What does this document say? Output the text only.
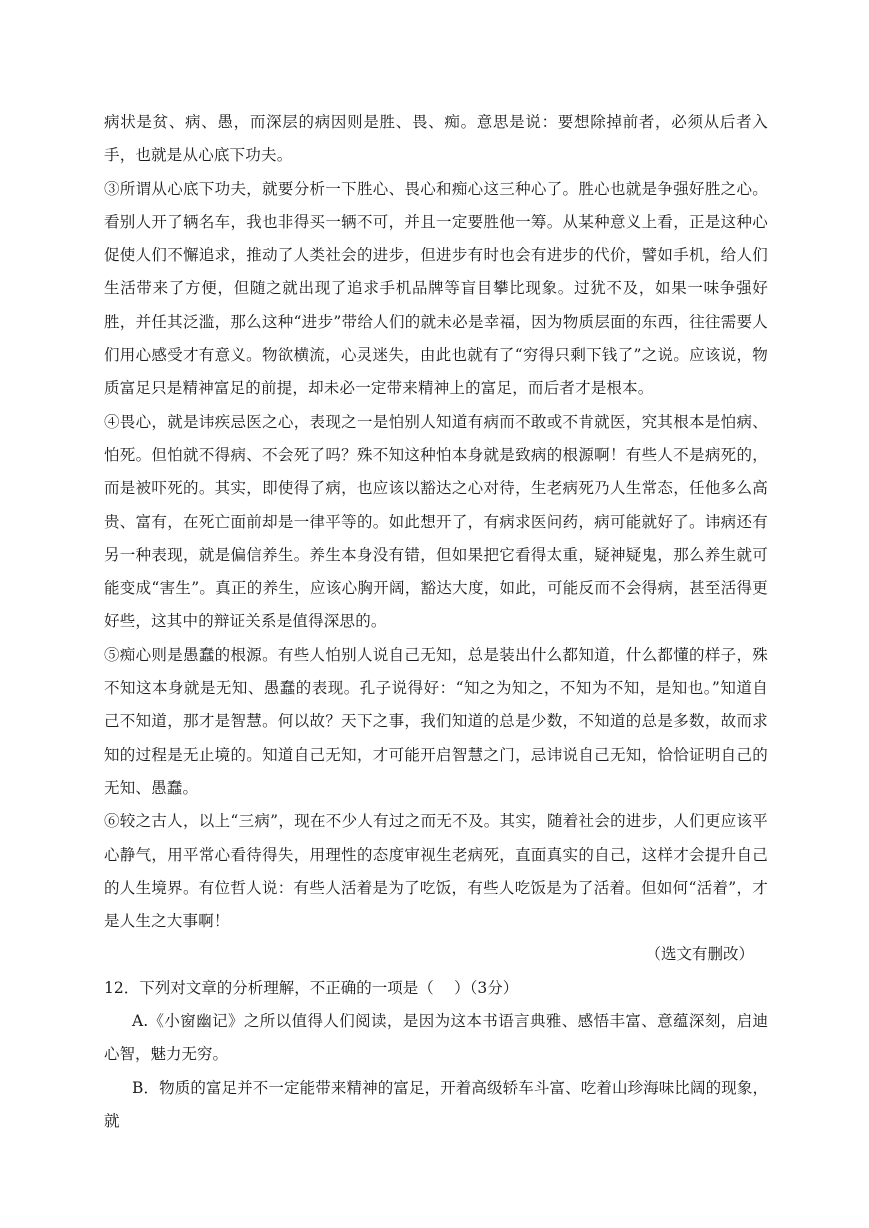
病状是贫、病、愚，而深层的病因则是胜、畏、痴。意思是说：要想除掉前者，必须从后者入手，也就是从心底下功夫。

③所谓从心底下功夫，就要分析一下胜心、畏心和痴心这三种心了。胜心也就是争强好胜之心。看别人开了辆名车，我也非得买一辆不可，并且一定要胜他一筹。从某种意义上看，正是这种心促使人们不懈追求，推动了人类社会的进步，但进步有时也会有进步的代价，譬如手机，给人们生活带来了方便，但随之就出现了追求手机品牌等盲目攀比现象。过犹不及，如果一味争强好胜，并任其泛滥，那么这种“进步”带给人们的就未必是幸福，因为物质层面的东西，往往需要人们用心感受才有意义。物欲横流，心灵迷失，由此也就有了“穷得只剩下钱了”之说。应该说，物质富足只是精神富足的前提，却未必一定带来精神上的富足，而后者才是根本。

④畏心，就是讳疾忌医之心，表现之一是怕别人知道有病而不敢或不肯就医，究其根本是怕病、怕死。但怕就不得病、不会死了吗？殊不知这种怕本身就是致病的根源啊！有些人不是病死的，而是被吓死的。其实，即使得了病，也应该以豁达之心对待，生老病死乃人生常态，任他多么高贵、富有，在死亡面前却是一律平等的。如此想开了，有病求医问药，病可能就好了。讳病还有另一种表现，就是偏信养生。养生本身没有错，但如果把它看得太重，疑神疑鬼，那么养生就可能变成“害生”。真正的养生，应该心胸开阔，豁达大度，如此，可能反而不会得病，甚至活得更好些，这其中的辩证关系是值得深思的。

⑤痴心则是愚蠢的根源。有些人怕别人说自己无知，总是装出什么都知道，什么都懂的样子，殊不知这本身就是无知、愚蠢的表现。孔子说得好：“知之为知之，不知为不知，是知也。”知道自己不知道，那才是智慧。何以故？天下之事，我们知道的总是少数，不知道的总是多数，故而求知的过程是无止境的。知道自己无知，才可能开启智慧之门，忌讳说自己无知，恰恰证明自己的无知、愚蠢。

⑥较之古人，以上“三病”，现在不少人有过之而无不及。其实，随着社会的进步，人们更应该平心静气，用平常心看待得失，用理性的态度审视生老病死，直面真实的自己，这样才会提升自己的人生境界。有位哲人说：有些人活着是为了吃饭，有些人吃饭是为了活着。但如何“活着”，才是人生之大事啊！

（选文有删改）

12．下列对文章的分析理解，不正确的一项是（　 ）（3分）

A.《小窗幽记》之所以值得人们阅读，是因为这本书语言典雅、感悟丰富、意蕴深刻，启迪心智，魅力无穷。

B．物质的富足并不一定能带来精神的富足，开着高级轿车斗富、吃着山珍海味比阔的现象，就
